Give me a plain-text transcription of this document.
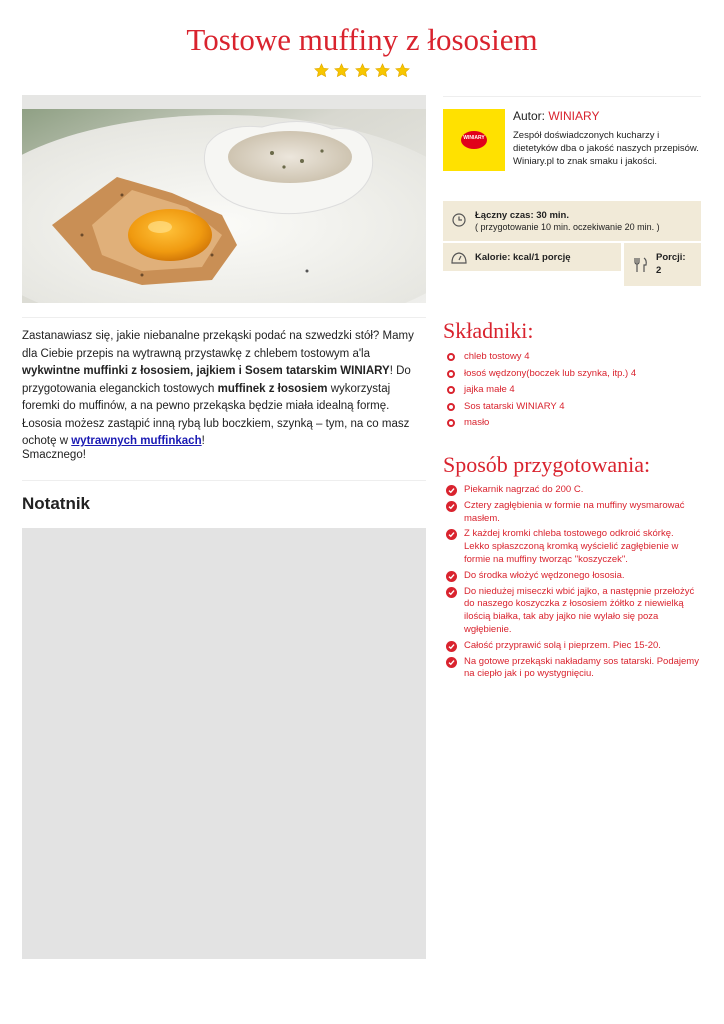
Tostowe muffiny z łososiem

WINIARY
Autor: WINIARY
Zespół doświadczonych kucharzy i dietetyków dba o jakość naszych przepisów. Winiary.pl to znak smaku i jakości.
Łączny czas: 30 min.
( przygotowanie 10 min. oczekiwanie 20 min. )
Kalorie: kcal/1 porcję	Porcji:
2
Zastanawiasz się, jakie niebanalne przekąski podać na szwedzki stół? Mamy dla Ciebie przepis na wytrawną przystawkę z chlebem tostowym a'la wykwintne muffinki z łososiem, jajkiem i Sosem tatarskim WINIARY! Do przygotowania eleganckich tostowych muffinek z łososiem wykorzystaj foremki do muffinów, a na pewno przekąska będzie miała idealną formę. Łososia możesz zastąpić inną rybą lub boczkiem, szynką – tym, na co masz ochotę w wytrawnych muffinkach!
Smacznego!
Notatnik
Składniki:
chleb tostowy 4
łosoś wędzony(boczek lub szynka, itp.) 4
jajka małe 4
Sos tatarski WINIARY 4
masło
Sposób przygotowania:
Piekarnik nagrzać do 200 C.
Cztery zagłębienia w formie na muffiny wysmarować masłem.
Z każdej kromki chleba tostowego odkroić skórkę. Lekko spłaszczoną kromką wyścielić zagłębienie w formie na muffiny tworząc "koszyczek".
Do środka włożyć wędzonego łososia.
Do niedużej miseczki wbić jajko, a następnie przełożyć do naszego koszyczka z łososiem żółtko z niewielką ilością białka, tak aby jajko nie wylało się poza wgłębienie.
Całość przyprawić solą i pieprzem. Piec 15-20.
Na gotowe przekąski nakładamy sos tatarski. Podajemy na ciepło jak i po wystygnięciu.
